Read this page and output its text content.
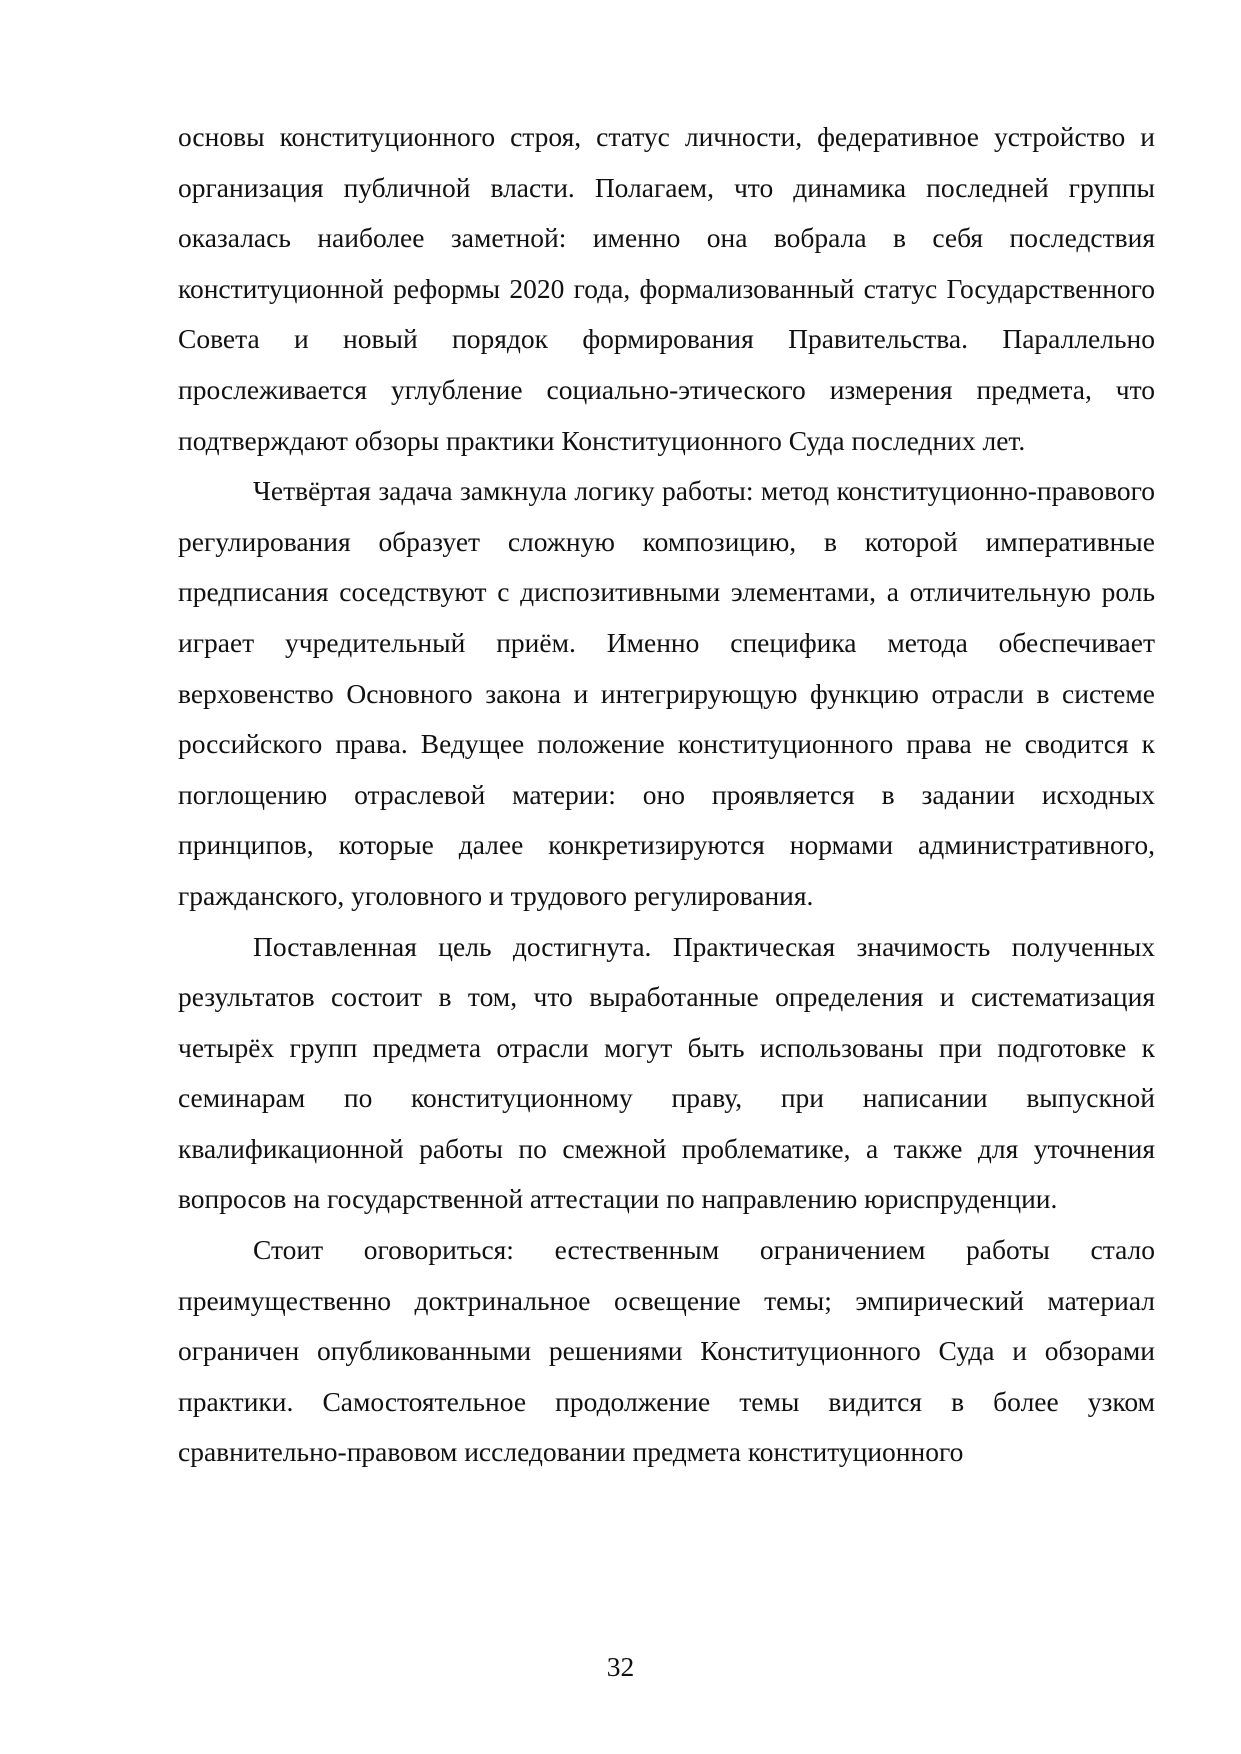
основы конституционного строя, статус личности, федеративное устройство и организация публичной власти. Полагаем, что динамика последней группы оказалась наиболее заметной: именно она вобрала в себя последствия конституционной реформы 2020 года, формализованный статус Государственного Совета и новый порядок формирования Правительства. Параллельно прослеживается углубление социально-этического измерения предмета, что подтверждают обзоры практики Конституционного Суда последних лет.

Четвёртая задача замкнула логику работы: метод конституционно-правового регулирования образует сложную композицию, в которой императивные предписания соседствуют с диспозитивными элементами, а отличительную роль играет учредительный приём. Именно специфика метода обеспечивает верховенство Основного закона и интегрирующую функцию отрасли в системе российского права. Ведущее положение конституционного права не сводится к поглощению отраслевой материи: оно проявляется в задании исходных принципов, которые далее конкретизируются нормами административного, гражданского, уголовного и трудового регулирования.

Поставленная цель достигнута. Практическая значимость полученных результатов состоит в том, что выработанные определения и систематизация четырёх групп предмета отрасли могут быть использованы при подготовке к семинарам по конституционному праву, при написании выпускной квалификационной работы по смежной проблематике, а также для уточнения вопросов на государственной аттестации по направлению юриспруденции.

Стоит оговориться: естественным ограничением работы стало преимущественно доктринальное освещение темы; эмпирический материал ограничен опубликованными решениями Конституционного Суда и обзорами практики. Самостоятельное продолжение темы видится в более узком сравнительно-правовом исследовании предмета конституционного

32
